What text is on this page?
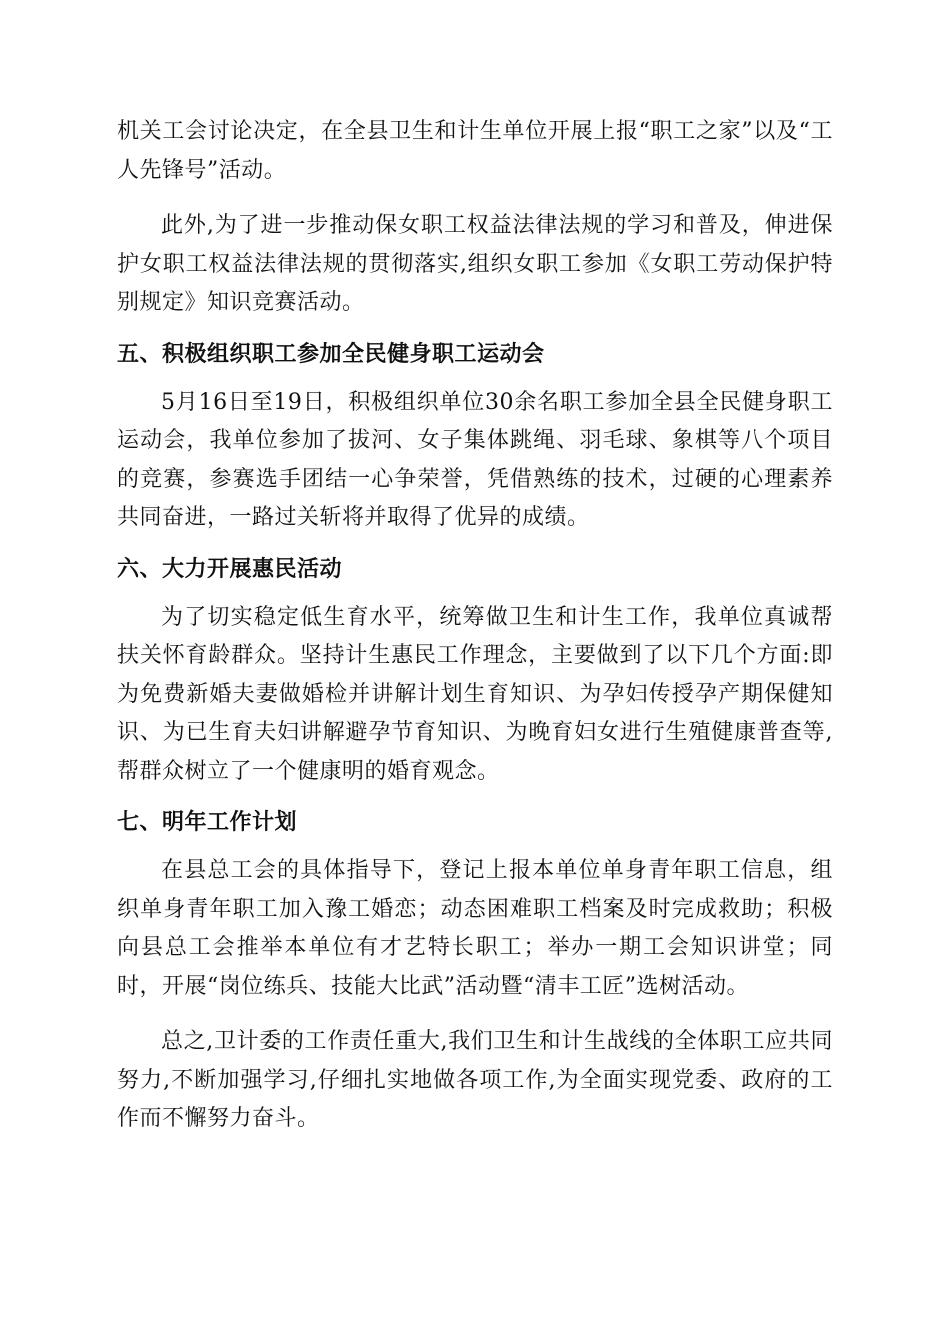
机关工会讨论决定，在全县卫生和计生单位开展上报“职工之家”以及“工人先锋号”活动。

此外,为了进一步推动保女职工权益法律法规的学习和普及，伸进保护女职工权益法律法规的贯彻落实,组织女职工参加《女职工劳动保护特别规定》知识竞赛活动。

五、积极组织职工参加全民健身职工运动会

5月16日至19日，积极组织单位30余名职工参加全县全民健身职工运动会，我单位参加了拔河、女子集体跳绳、羽毛球、象棋等八个项目的竞赛，参赛选手团结一心争荣誉，凭借熟练的技术，过硬的心理素养共同奋进，一路过关斩将并取得了优异的成绩。

六、大力开展惠民活动

为了切实稳定低生育水平，统筹做卫生和计生工作，我单位真诚帮扶关怀育龄群众。坚持计生惠民工作理念，主要做到了以下几个方面:即为免费新婚夫妻做婚检并讲解计划生育知识、为孕妇传授孕产期保健知识、为已生育夫妇讲解避孕节育知识、为晚育妇女进行生殖健康普查等,帮群众树立了一个健康明的婚育观念。

七、明年工作计划

在县总工会的具体指导下，登记上报本单位单身青年职工信息，组织单身青年职工加入豫工婚恋；动态困难职工档案及时完成救助；积极向县总工会推举本单位有才艺特长职工；举办一期工会知识讲堂；同时，开展“岗位练兵、技能大比武”活动暨“清丰工匠”选树活动。

总之,卫计委的工作责任重大,我们卫生和计生战线的全体职工应共同努力,不断加强学习,仔细扎实地做各项工作,为全面实现党委、政府的工作而不懈努力奋斗。
